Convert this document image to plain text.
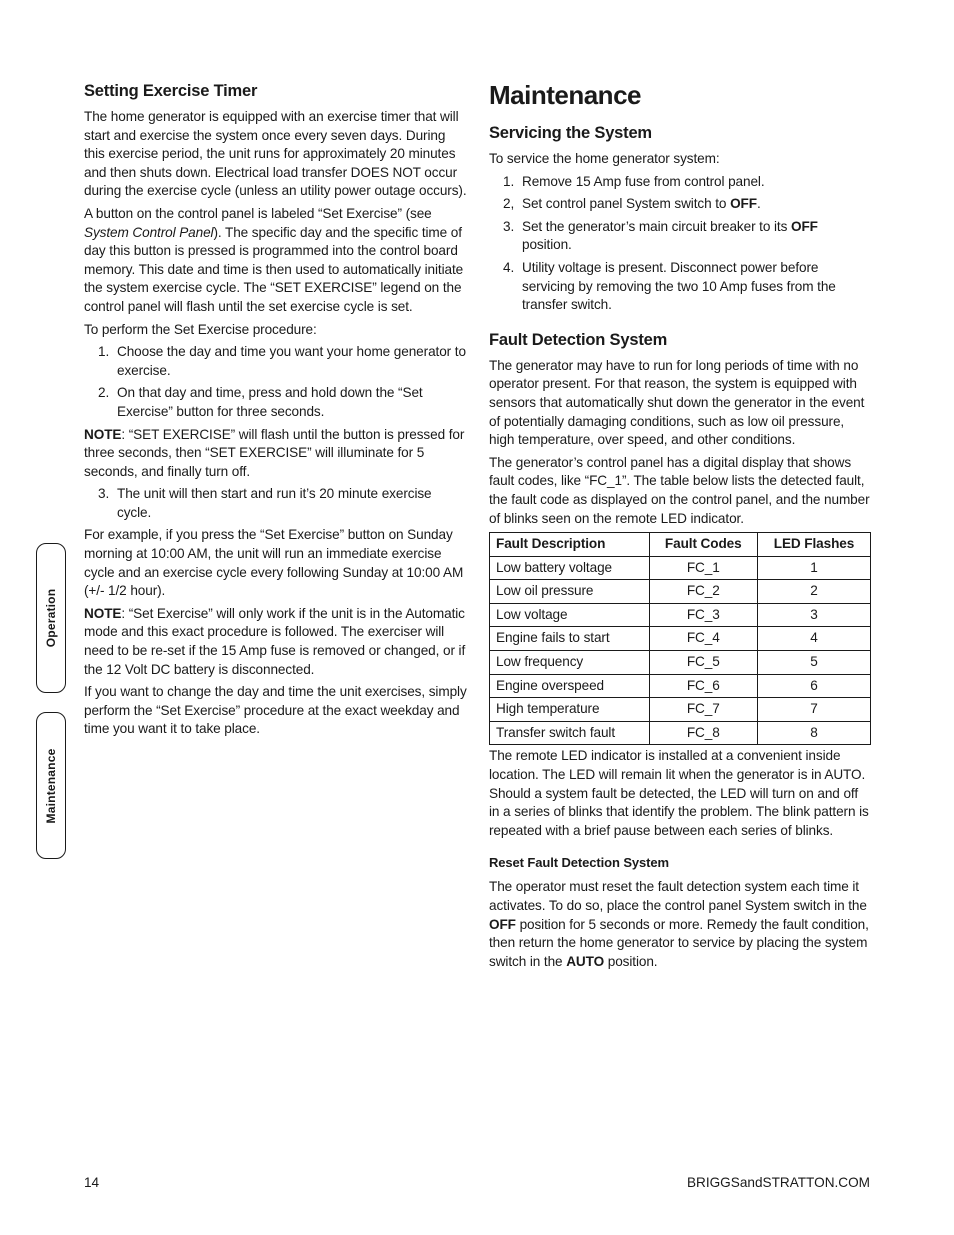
Operation
Maintenance
Setting Exercise Timer

The home generator is equipped with an exercise timer that will start and exercise the system once every seven days. During this exercise period, the unit runs for approximately 20 minutes and then shuts down. Electrical load transfer DOES NOT occur during the exercise cycle (unless an utility power outage occurs).

A button on the control panel is labeled “Set Exercise” (see System Control Panel). The specific day and the specific time of day this button is pressed is programmed into the control board memory. This date and time is then used to automatically initiate the system exercise cycle. The “SET EXERCISE” legend on the control panel will flash until the set exercise cycle is set.

To perform the Set Exercise procedure:

1. Choose the day and time you want your home generator to exercise.
2. On that day and time, press and hold down the “Set Exercise” button for three seconds.

NOTE: “SET EXERCISE” will flash until the button is pressed for three seconds, then “SET EXERCISE” will illuminate for 5 seconds, and finally turn off.

3. The unit will then start and run it’s 20 minute exercise cycle.

For example, if you press the “Set Exercise” button on Sunday morning at 10:00 AM, the unit will run an immediate exercise cycle and an exercise cycle every following Sunday at 10:00 AM (+/- 1/2 hour).

NOTE: “Set Exercise” will only work if the unit is in the Automatic mode and this exact procedure is followed. The exerciser will need to be re-set if the 15 Amp fuse is removed or changed, or if the 12 Volt DC battery is disconnected.

If you want to change the day and time the unit exercises, simply perform the “Set Exercise” procedure at the exact weekday and time you want it to take place.

Maintenance
Servicing the System

To service the home generator system:

1. Remove 15 Amp fuse from control panel.
2, Set control panel System switch to OFF.
3. Set the generator’s main circuit breaker to its OFF position.
4. Utility voltage is present. Disconnect power before servicing by removing the two 10 Amp fuses from the transfer switch.
Fault Detection System

The generator may have to run for long periods of time with no operator present. For that reason, the system is equipped with sensors that automatically shut down the generator in the event of potentially damaging conditions, such as low oil pressure, high temperature, over speed, and other conditions.

The generator’s control panel has a digital display that shows fault codes, like “FC_1”. The table below lists the detected fault, the fault code as displayed on the control panel, and the number of blinks seen on the remote LED indicator.

Fault Description	Fault Codes	LED Flashes
Low battery voltage	FC_1	1
Low oil pressure	FC_2	2
Low voltage	FC_3	3
Engine fails to start	FC_4	4
Low frequency	FC_5	5
Engine overspeed	FC_6	6
High temperature	FC_7	7
Transfer switch fault	FC_8	8

The remote LED indicator is installed at a convenient inside location. The LED will remain lit when the generator is in AUTO. Should a system fault be detected, the LED will turn on and off in a series of blinks that identify the problem. The blink pattern is repeated with a brief pause between each series of blinks.

Reset Fault Detection System

The operator must reset the fault detection system each time it activates. To do so, place the control panel System switch in the OFF position for 5 seconds or more. Remedy the fault condition, then return the home generator to service by placing the system switch in the AUTO position.

14	BRIGGSandSTRATTON.COM
